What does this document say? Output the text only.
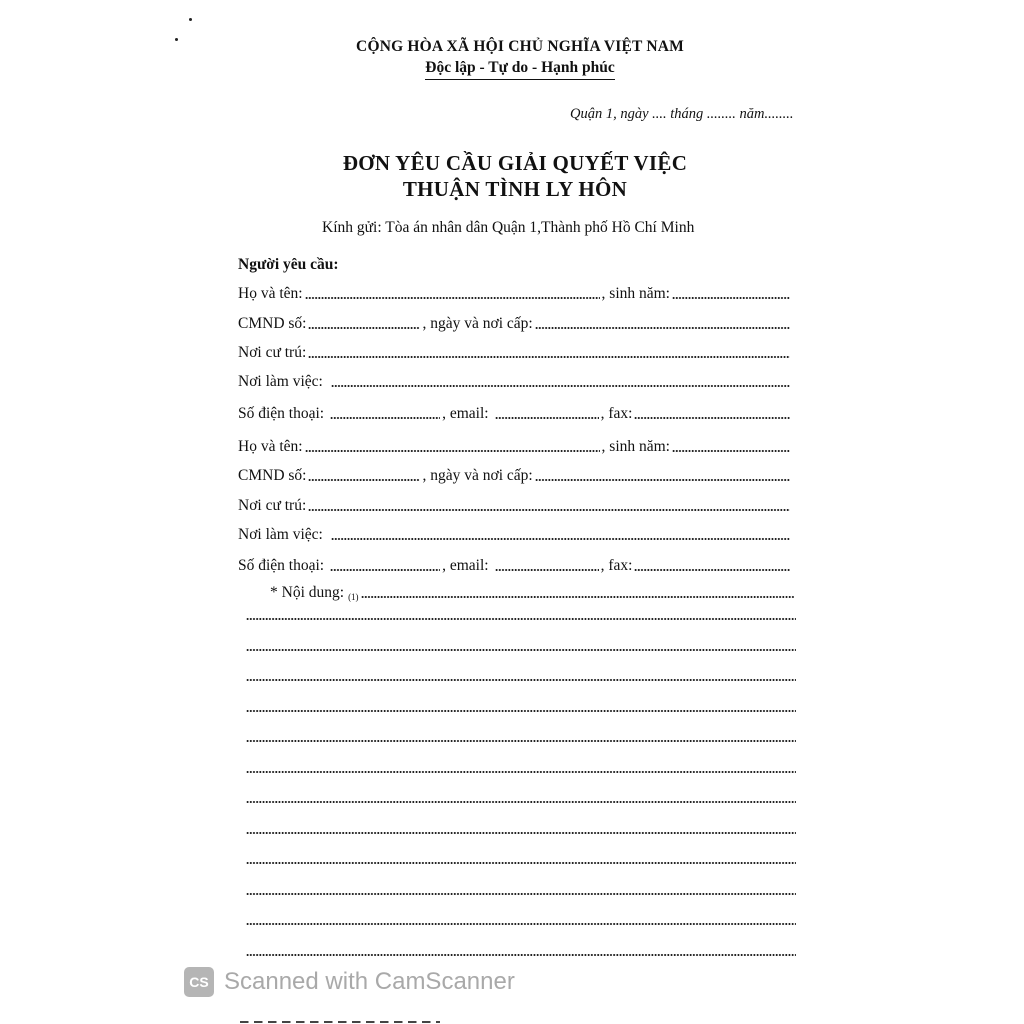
CỘNG HÒA XÃ HỘI CHỦ NGHĨA VIỆT NAM
Độc lập - Tự do - Hạnh phúc
Quận 1, ngày .... tháng ........ năm........
ĐƠN YÊU CẦU GIẢI QUYẾT VIỆC
THUẬN TÌNH LY HÔN
Kính gửi: Tòa án nhân dân Quận 1,Thành phố Hồ Chí Minh
Người yêu cầu:
Họ và tên:	, sinh năm:
CMND số:	, ngày và nơi cấp:
Nơi cư trú:
Nơi làm việc:
Số điện thoại:	, email:	, fax:
Họ và tên:	, sinh năm:
CMND số:	, ngày và nơi cấp:
Nơi cư trú:
Nơi làm việc:
Số điện thoại:	, email:	, fax:
* Nội dung: (1)
CS Scanned with CamScanner
